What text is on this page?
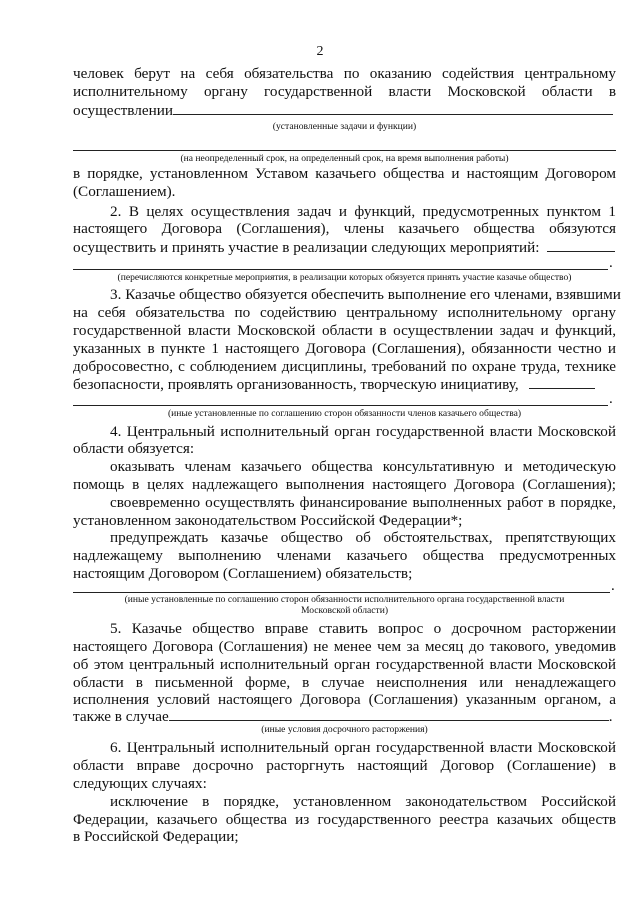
2
человек берут на себя обязательства по оказанию содействия центральному
исполнительному органу государственной власти Московской области в
осуществлении
(установленные задачи и функции)
(на неопределенный срок, на определенный срок, на время выполнения работы)
в порядке, установленном Уставом казачьего общества и настоящим Договором
(Соглашением).
2. В целях осуществления задач и функций, предусмотренных пунктом 1
настоящего Договора (Соглашения), члены казачьего общества обязуются
осуществить и принять участие в реализации следующих мероприятий:
.
(перечисляются конкретные мероприятия, в реализации которых обязуется принять участие казачье общество)
3. Казачье общество обязуется обеспечить выполнение его членами, взявшими
на себя обязательства по содействию центральному исполнительному органу
государственной власти Московской области в осуществлении задач и функций,
указанных в пункте 1 настоящего Договора (Соглашения), обязанности честно и
добросовестно, с соблюдением дисциплины, требований по охране труда, технике
безопасности, проявлять организованность, творческую инициативу,
.
(иные установленные по соглашению сторон обязанности членов казачьего общества)
4. Центральный исполнительный орган государственной власти Московской
области обязуется:
оказывать членам казачьего общества консультативную и методическую
помощь в целях надлежащего выполнения настоящего Договора (Соглашения);
своевременно осуществлять финансирование выполненных работ в порядке,
установленном законодательством Российской Федерации*;
предупреждать казачье общество об обстоятельствах, препятствующих
надлежащему выполнению членами казачьего общества предусмотренных
настоящим Договором (Соглашением) обязательств;
.
(иные установленные по соглашению сторон обязанности исполнительного органа государственной власти
Московской области)
5. Казачье общество вправе ставить вопрос о досрочном расторжении
настоящего Договора (Соглашения) не менее чем за месяц до такового, уведомив
об этом центральный исполнительный орган государственной власти Московской
области в письменной форме, в случае неисполнения или ненадлежащего
исполнения условий настоящего Договора (Соглашения) указанным органом, а
также в случае	.
(иные условия досрочного расторжения)
6. Центральный исполнительный орган государственной власти Московской
области вправе досрочно расторгнуть настоящий Договор (Соглашение) в
следующих случаях:
исключение в порядке, установленном законодательством Российской
Федерации, казачьего общества из государственного реестра казачьих обществ
в Российской Федерации;
